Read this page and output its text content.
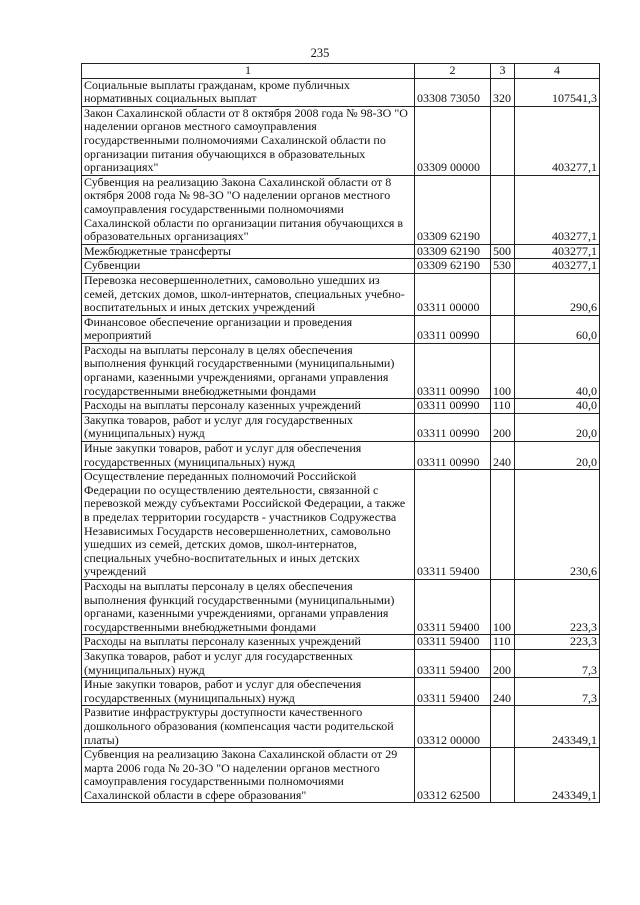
235
1	2	3	4
Социальные выплаты гражданам, кроме публичных нормативных социальных выплат	03308 73050	320	107541,3
Закон Сахалинской области от 8 октября 2008 года № 98-ЗО "О наделении органов местного самоуправления государственными полномочиями Сахалинской области по организации питания обучающихся в образовательных организациях"	03309 00000		403277,1
Субвенция на реализацию Закона Сахалинской области от 8 октября 2008 года № 98-ЗО "О наделении органов местного самоуправления государственными полномочиями Сахалинской области по организации питания обучающихся в образовательных организациях"	03309 62190		403277,1
Межбюджетные трансферты	03309 62190	500	403277,1
Субвенции	03309 62190	530	403277,1
Перевозка несовершеннолетних, самовольно ушедших из семей, детских домов, школ-интернатов, специальных учебно-воспитательных и иных детских учреждений	03311 00000		290,6
Финансовое обеспечение организации и проведения мероприятий	03311 00990		60,0
Расходы на выплаты персоналу в целях обеспечения выполнения функций государственными (муниципальными) органами, казенными учреждениями, органами управления государственными внебюджетными фондами	03311 00990	100	40,0
Расходы на выплаты персоналу казенных учреждений	03311 00990	110	40,0
Закупка товаров, работ и услуг для государственных (муниципальных) нужд	03311 00990	200	20,0
Иные закупки товаров, работ и услуг для обеспечения государственных (муниципальных) нужд	03311 00990	240	20,0
Осуществление переданных полномочий Российской Федерации по осуществлению деятельности, связанной с перевозкой между субъектами Российской Федерации, а также в пределах территории государств - участников Содружества Независимых Государств несовершеннолетних, самовольно ушедших из семей, детских домов, школ-интернатов, специальных учебно-воспитательных и иных детских учреждений	03311 59400		230,6
Расходы на выплаты персоналу в целях обеспечения выполнения функций государственными (муниципальными) органами, казенными учреждениями, органами управления государственными внебюджетными фондами	03311 59400	100	223,3
Расходы на выплаты персоналу казенных учреждений	03311 59400	110	223,3
Закупка товаров, работ и услуг для государственных (муниципальных) нужд	03311 59400	200	7,3
Иные закупки товаров, работ и услуг для обеспечения государственных (муниципальных) нужд	03311 59400	240	7,3
Развитие инфраструктуры доступности качественного дошкольного образования (компенсация части родительской платы)	03312 00000		243349,1
Субвенция на реализацию Закона Сахалинской области от 29 марта 2006 года № 20-ЗО "О наделении органов местного самоуправления государственными полномочиями Сахалинской области в сфере образования"	03312 62500		243349,1
